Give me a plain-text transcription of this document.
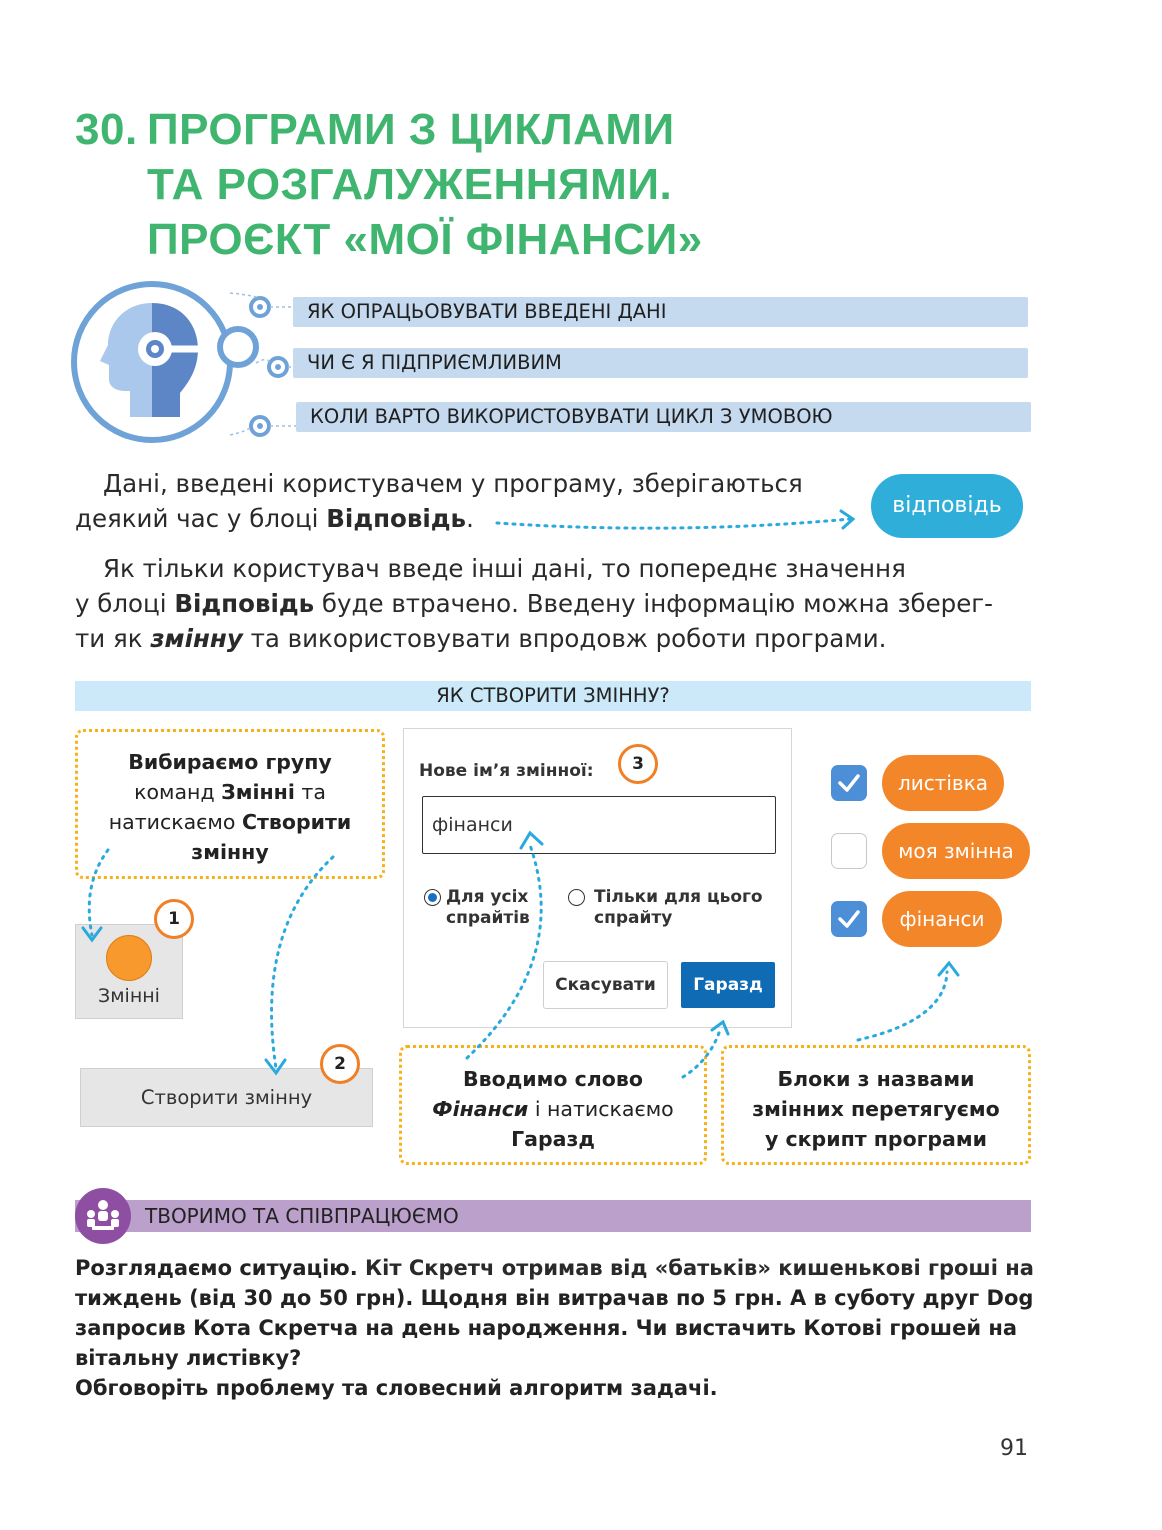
30. ПРОГРАМИ З ЦИКЛАМИ
ТА РОЗГАЛУЖЕННЯМИ.
ПРОЄКТ «МОЇ ФІНАНСИ»
ЯК ОПРАЦЬОВУВАТИ ВВЕДЕНІ ДАНІ
ЧИ Є Я ПІДПРИЄМЛИВИМ
КОЛИ ВАРТО ВИКОРИСТОВУВАТИ ЦИКЛ З УМОВОЮ
Дані, введені користувачем у програму, зберігаються
деякий час у блоці Відповідь.	відповідь
Як тільки користувач введе інші дані, то попереднє значення
у блоці Відповідь буде втрачено. Введену інформацію можна зберег-
ти як змінну та використовувати впродовж роботи програми.
ЯК СТВОРИТИ ЗМІННУ?
Вибираємо групу
команд Змінні та
натискаємо Створити
змінну
Змінні
1
Створити змінну
2
Нове ім’я змінної:
фінанси
Для усіх
спрайтів
Тільки для цього
спрайту
Скасувати	Гаразд
3
Вводимо слово
Фінанси і натискаємо
Гаразд
листівка
моя змінна
фінанси
Блоки з назвами
змінних перетягуємо
у скрипт програми
ТВОРИМО ТА СПІВПРАЦЮЄМО
Розглядаємо ситуацію. Кіт Скретч отримав від «батьків» кишенькові гроші на
тиждень (від 30 до 50 грн). Щодня він витрачав по 5 грн. А в суботу друг Dog
запросив Кота Скретча на день народження. Чи вистачить Котові грошей на
вітальну листівку?
Обговоріть проблему та словесний алгоритм задачі.
91
